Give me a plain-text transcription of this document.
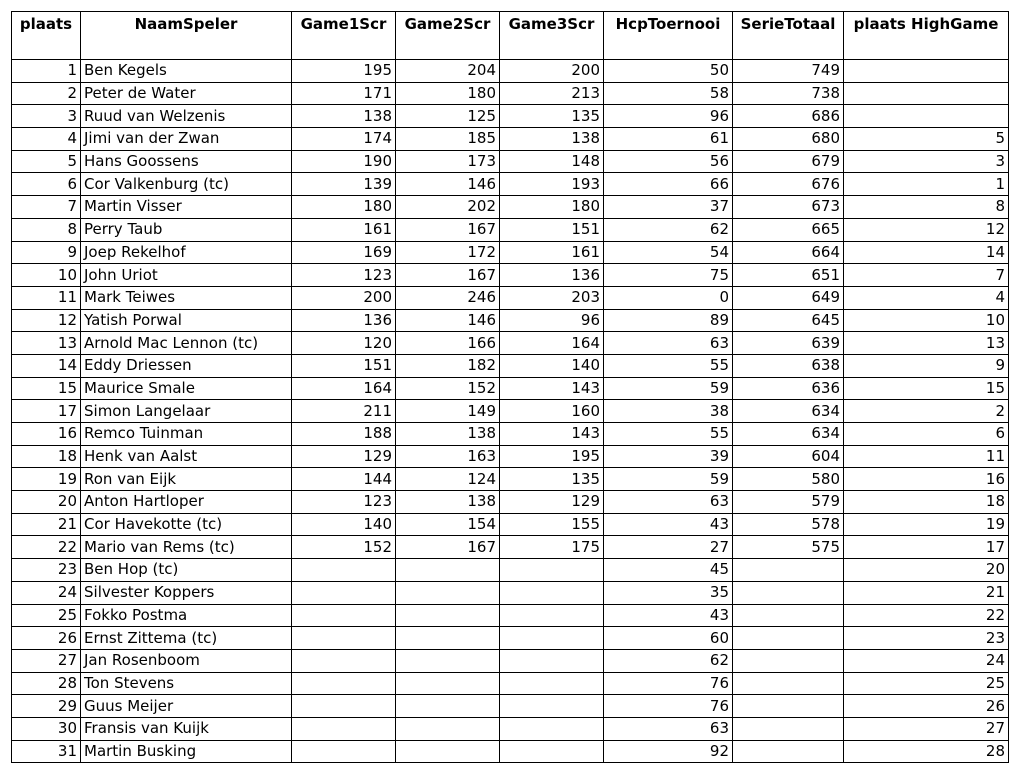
plaats	NaamSpeler	Game1Scr	Game2Scr	Game3Scr	HcpToernooi	SerieTotaal	plaats HighGame
1	Ben Kegels	195	204	200	50	749	
2	Peter de Water	171	180	213	58	738	
3	Ruud van Welzenis	138	125	135	96	686	
4	Jimi van der Zwan	174	185	138	61	680	5
5	Hans Goossens	190	173	148	56	679	3
6	Cor Valkenburg (tc)	139	146	193	66	676	1
7	Martin Visser	180	202	180	37	673	8
8	Perry Taub	161	167	151	62	665	12
9	Joep Rekelhof	169	172	161	54	664	14
10	John Uriot	123	167	136	75	651	7
11	Mark Teiwes	200	246	203	0	649	4
12	Yatish Porwal	136	146	96	89	645	10
13	Arnold Mac Lennon (tc)	120	166	164	63	639	13
14	Eddy Driessen	151	182	140	55	638	9
15	Maurice Smale	164	152	143	59	636	15
17	Simon Langelaar	211	149	160	38	634	2
16	Remco Tuinman	188	138	143	55	634	6
18	Henk van Aalst	129	163	195	39	604	11
19	Ron van Eijk	144	124	135	59	580	16
20	Anton Hartloper	123	138	129	63	579	18
21	Cor Havekotte (tc)	140	154	155	43	578	19
22	Mario van Rems (tc)	152	167	175	27	575	17
23	Ben Hop (tc)				45		20
24	Silvester Koppers				35		21
25	Fokko Postma				43		22
26	Ernst Zittema (tc)				60		23
27	Jan Rosenboom				62		24
28	Ton Stevens				76		25
29	Guus Meijer				76		26
30	Fransis van Kuijk				63		27
31	Martin Busking				92		28
